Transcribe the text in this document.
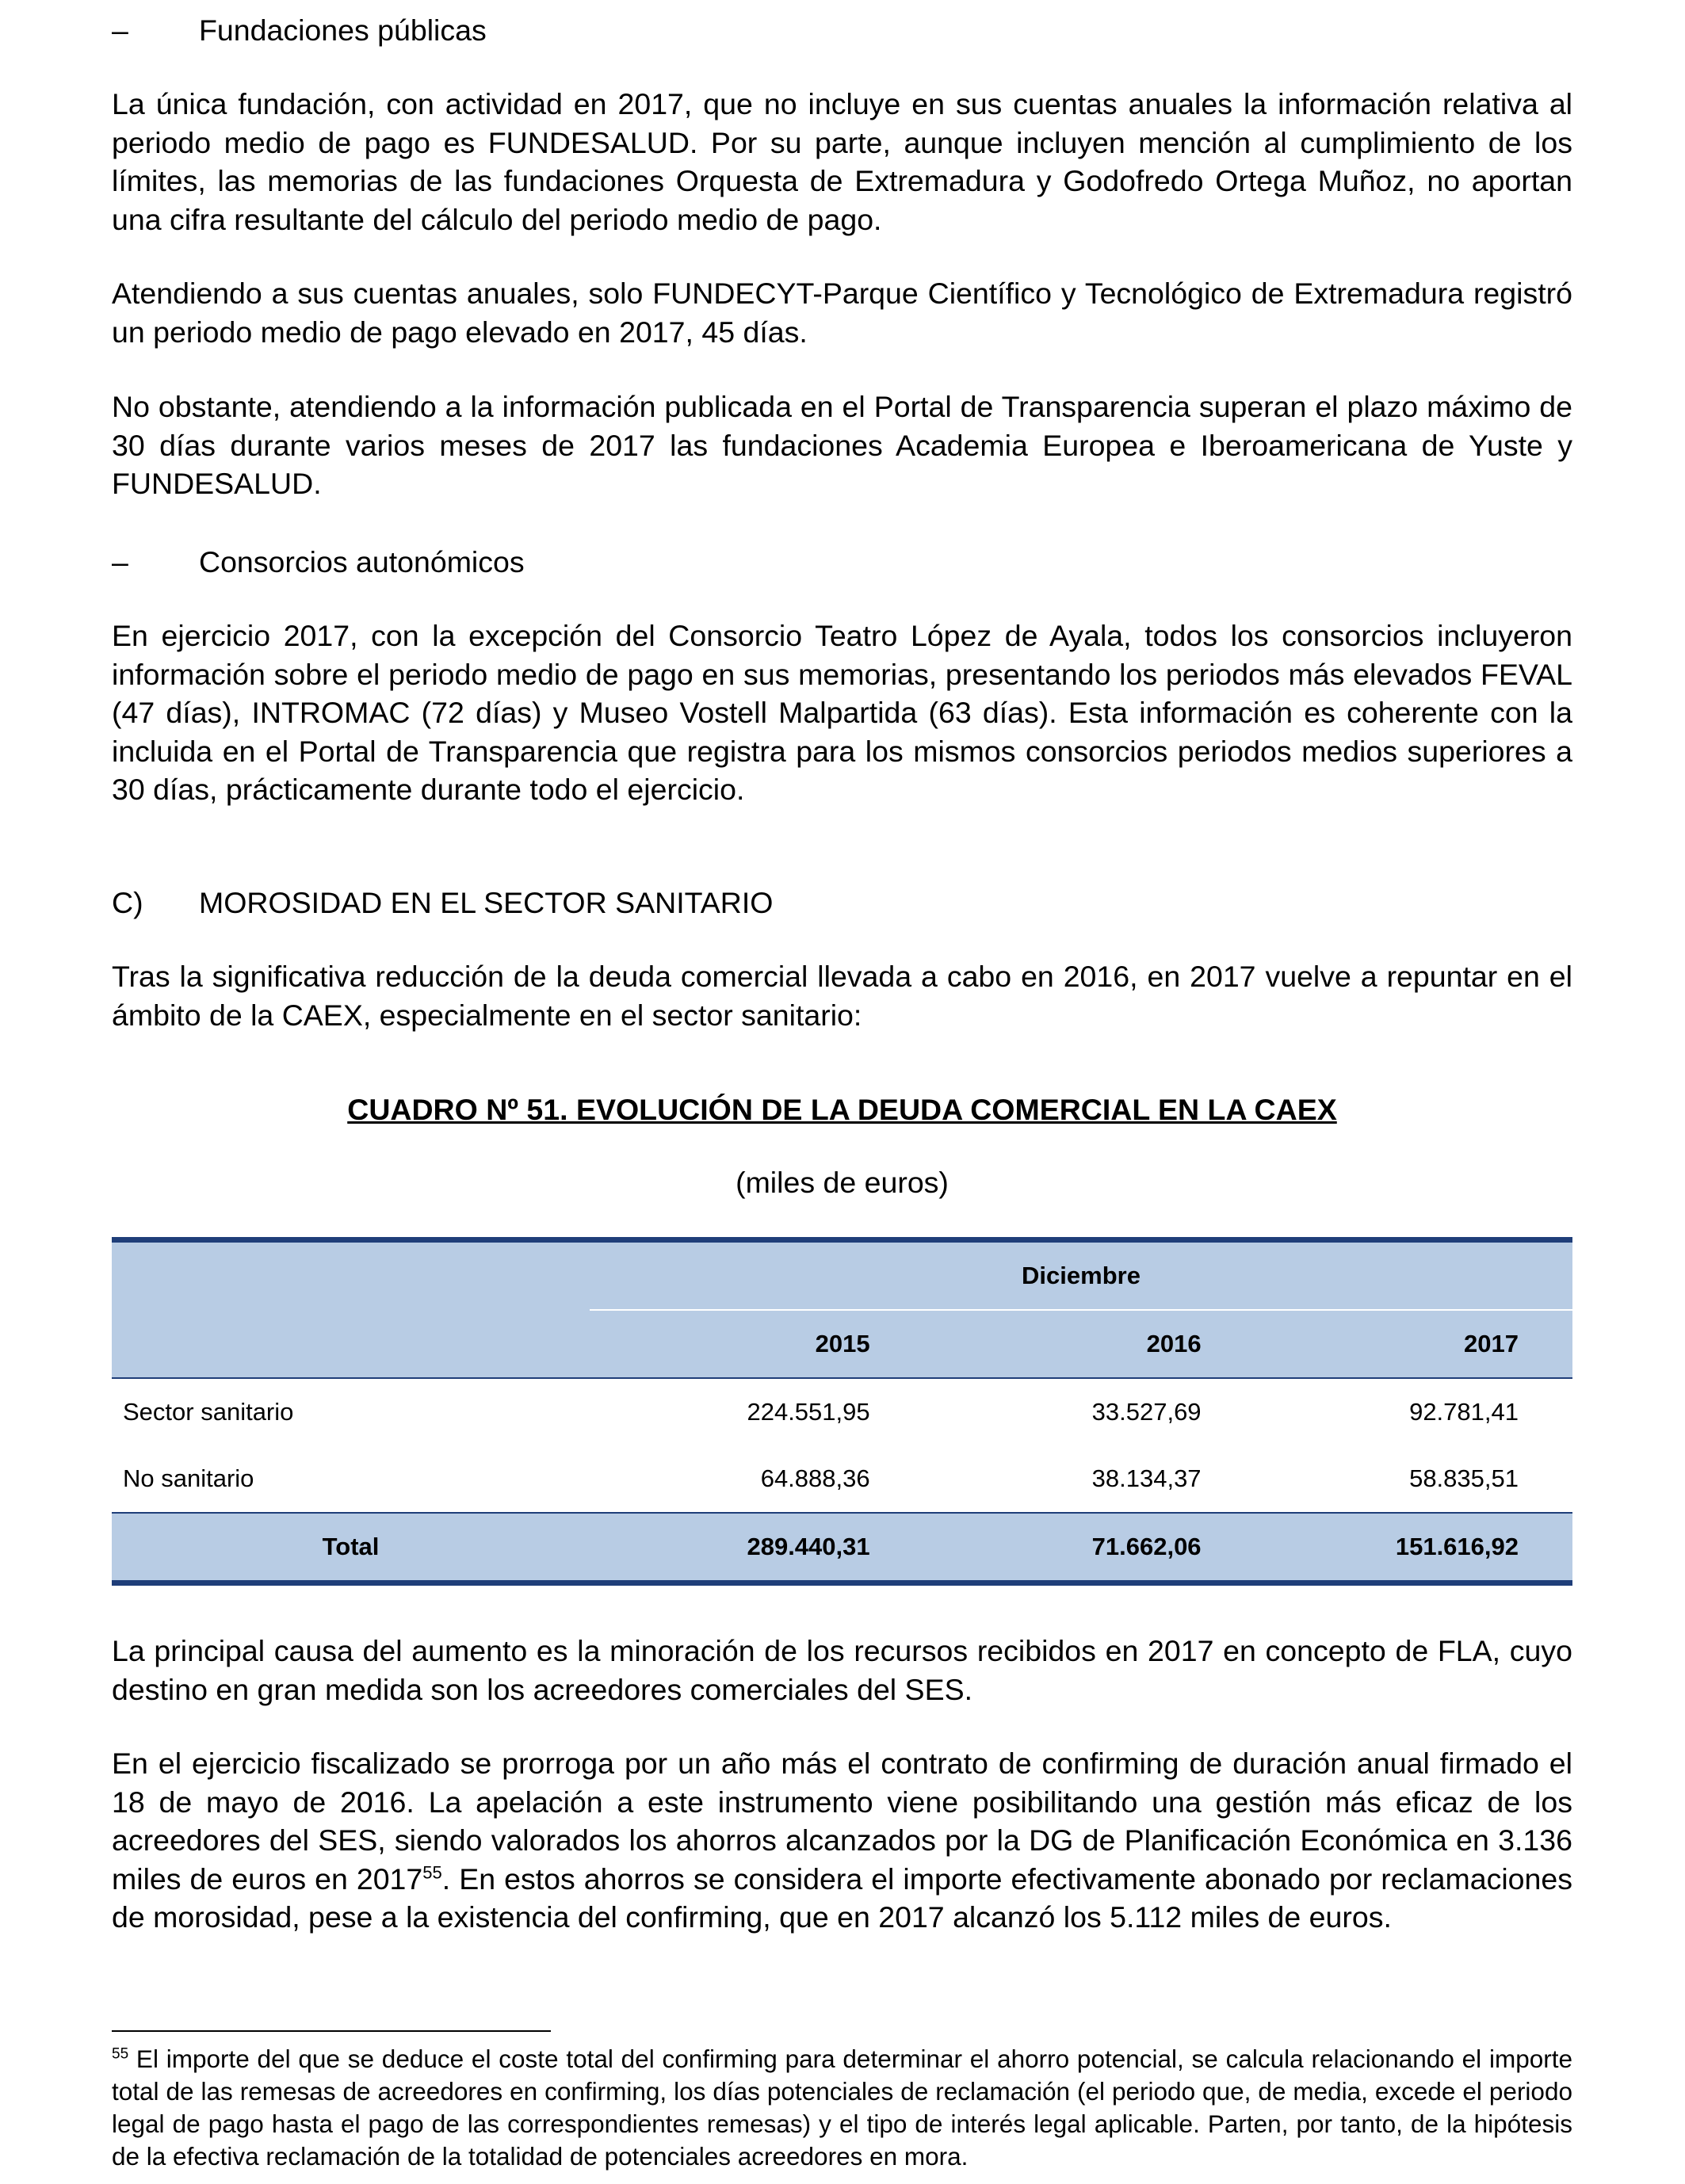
– Fundaciones públicas

La única fundación, con actividad en 2017, que no incluye en sus cuentas anuales la información relativa al periodo medio de pago es FUNDESALUD. Por su parte, aunque incluyen mención al cumplimiento de los límites, las memorias de las fundaciones Orquesta de Extremadura y Godofredo Ortega Muñoz, no aportan una cifra resultante del cálculo del periodo medio de pago.

Atendiendo a sus cuentas anuales, solo FUNDECYT-Parque Científico y Tecnológico de Extremadura registró un periodo medio de pago elevado en 2017, 45 días.

No obstante, atendiendo a la información publicada en el Portal de Transparencia superan el plazo máximo de 30 días durante varios meses de 2017 las fundaciones Academia Europea e Iberoamericana de Yuste y FUNDESALUD.

– Consorcios autonómicos

En ejercicio 2017, con la excepción del Consorcio Teatro López de Ayala, todos los consorcios incluyeron información sobre el periodo medio de pago en sus memorias, presentando los periodos más elevados FEVAL (47 días), INTROMAC (72 días) y Museo Vostell Malpartida (63 días). Esta información es coherente con la incluida en el Portal de Transparencia que registra para los mismos consorcios periodos medios superiores a 30 días, prácticamente durante todo el ejercicio.

C) MOROSIDAD EN EL SECTOR SANITARIO

Tras la significativa reducción de la deuda comercial llevada a cabo en 2016, en 2017 vuelve a repuntar en el ámbito de la CAEX, especialmente en el sector sanitario:

CUADRO Nº 51. EVOLUCIÓN DE LA DEUDA COMERCIAL EN LA CAEX
(miles de euros)
	Diciembre		
	2015	2016	2017
Sector sanitario	224.551,95	33.527,69	92.781,41
No sanitario	64.888,36	38.134,37	58.835,51
Total	289.440,31	71.662,06	151.616,92

La principal causa del aumento es la minoración de los recursos recibidos en 2017 en concepto de FLA, cuyo destino en gran medida son los acreedores comerciales del SES.

En el ejercicio fiscalizado se prorroga por un año más el contrato de confirming de duración anual firmado el 18 de mayo de 2016. La apelación a este instrumento viene posibilitando una gestión más eficaz de los acreedores del SES, siendo valorados los ahorros alcanzados por la DG de Planificación Económica en 3.136 miles de euros en 2017$^{55}$. En estos ahorros se considera el importe efectivamente abonado por reclamaciones de morosidad, pese a la existencia del confirming, que en 2017 alcanzó los 5.112 miles de euros.

$^{55}$ El importe del que se deduce el coste total del confirming para determinar el ahorro potencial, se calcula relacionando el importe total de las remesas de acreedores en confirming, los días potenciales de reclamación (el periodo que, de media, excede el periodo legal de pago hasta el pago de las correspondientes remesas) y el tipo de interés legal aplicable. Parten, por tanto, de la hipótesis de la efectiva reclamación de la totalidad de potenciales acreedores en mora.
